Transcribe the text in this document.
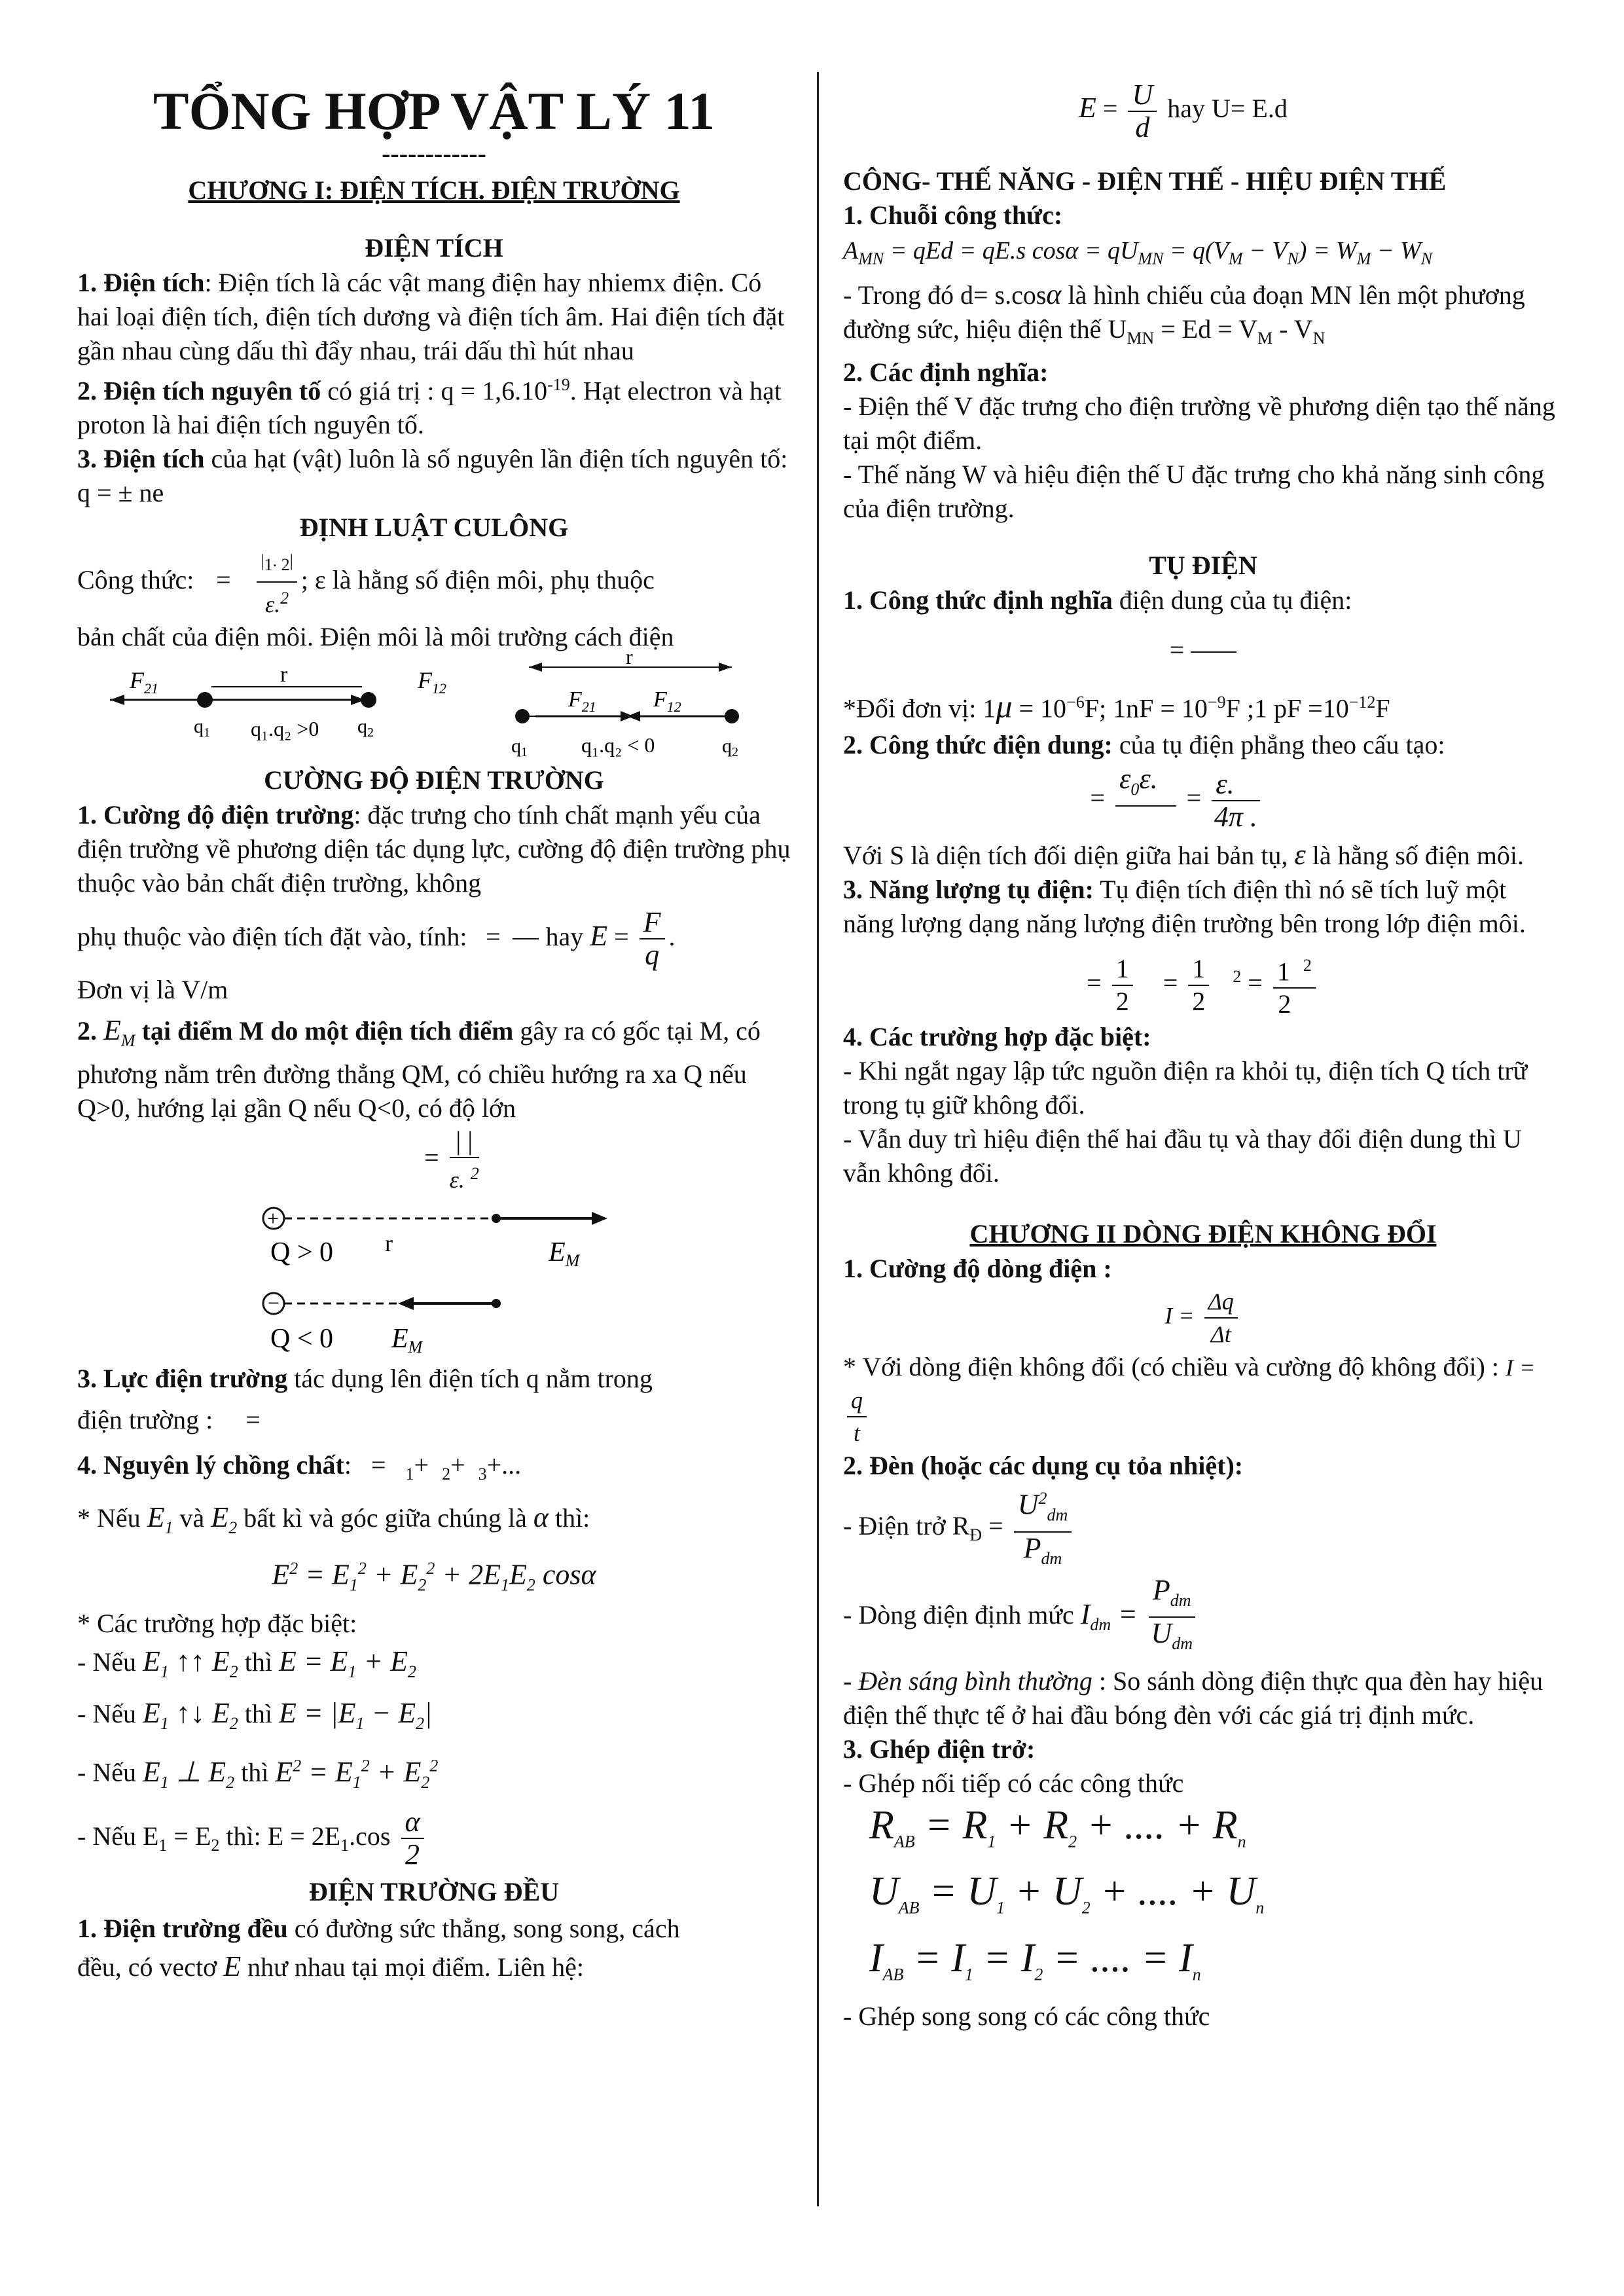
TỔNG HỢP VẬT LÝ 11

------------

CHƯƠNG I: ĐIỆN TÍCH. ĐIỆN TRƯỜNG

ĐIỆN TÍCH

1. Điện tích: Điện tích là các vật mang điện hay nhiemx điện. Có hai loại điện tích, điện tích dương và điện tích âm. Hai điện tích đặt gần nhau cùng dấu thì đẩy nhau, trái dấu thì hút nhau

2. Điện tích nguyên tố có giá trị : $q = 1,6.10^{-19}$. Hạt electron và hạt proton là hai điện tích nguyên tố.

3. Điện tích của hạt (vật) luôn là số nguyên lần điện tích nguyên tố: q = ± ne

ĐỊNH LUẬT CULÔNG

Công thức: = $\frac{|_1. _2|}{\varepsilon.^2}$ ; ε là hằng số điện môi, phụ thuộc

bản chất của điện môi. Điện môi là môi trường cách điện

$F_{21}$
r	$F_{12}$
$q_1$	$q_2$
q₁.q₂ >0
r
$F_{21}$	$F_{12}$
$q_1$	$q_2$
q₁.q₂ < 0

CƯỜNG ĐỘ ĐIỆN TRƯỜNG

1. Cường độ điện trường: đặc trưng cho tính chất mạnh yếu của điện trường về phương diện tác dụng lực, cường độ điện trường phụ thuộc vào bản chất điện trường, không

phụ thuộc vào điện tích đặt vào, tính: = hay $E = \frac{F}{q}$ .

Đơn vị là V/m

2. $E_M$ tại điểm M do một điện tích điểm gây ra có gốc tại M, có phương nằm trên đường thẳng QM, có chiều hướng ra xa Q nếu Q>0, hướng lại gần Q nếu Q<0, có độ lớn

= $\frac{| |}{\varepsilon. ^2}$

+
Q > 0 r	EM
−
Q < 0 EM

3. Lực điện trường tác dụng lên điện tích q nằm trong

điện trường :     =

4. Nguyên lý chồng chất:   =   $_1$+  $_2$+  $_3$+...

* Nếu $E_1$ và $E_2$ bất kì và góc giữa chúng là α thì:

$E^2 = E_1^2 + E_2^2 + 2E_1E_2$ cosα

* Các trường hợp đặc biệt:

- Nếu $E_1$ ↑↑ $E_2$ thì $E = E_1 + E_2$

- Nếu $E_1$ ↑↓ $E_2$ thì $E = |E_1 - E_2|$

- Nếu $E_1$ ⊥ $E_2$ thì $E^2 = E_1^2 + E_2^2$

- Nếu $E_1 = E_2$ thì: $E = 2E_1.\cos \frac{\alpha}{2}$

ĐIỆN TRƯỜNG ĐỀU

1. Điện trường đều có đường sức thẳng, song song, cách

đều, có vectơ E như nhau tại mọi điểm. Liên hệ:

$E = \frac{U}{d}$ hay U= E.d

CÔNG- THẾ NĂNG - ĐIỆN THẾ - HIỆU ĐIỆN THẾ

1. Chuỗi công thức:

$A_{MN}$ = qEd = qE.s $\cos\alpha = qU_{MN} = q(V_M - V_N) = W_M - W_N$

- Trong đó d= s.cosα là hình chiếu của đoạn MN lên một phương đường sức, hiệu điện thế $U_{MN} = Ed = V_M - V_N$

2. Các định nghĩa:

- Điện thế V đặc trưng cho điện trường về phương diện tạo thế năng tại một điểm.

- Thế năng W và hiệu điện thế U đặc trưng cho khả năng sinh công của điện trường.

TỤ ĐIỆN

1. Công thức định nghĩa điện dung của tụ điện:

=

*Đổi đơn vị: $1\mu = 10^{-6}F$; $1nF = 10^{-9}F$ ;1 pF $=10^{-12}F$

2. Công thức điện dung: của tụ điện phẳng theo cấu tạo:

=
$\varepsilon_0\varepsilon$.

= $\frac{\varepsilon.}{4\pi .}$

Với S là diện tích đối diện giữa hai bản tụ, ε là hằng số điện môi.

3. Năng lượng tụ điện: Tụ điện tích điện thì nó sẽ tích luỹ một năng lượng dạng năng lượng điện trường bên trong lớp điện môi.

= $\frac{1}{2} = \frac{1}{2} ^2 = \frac{1 ^2}{2}$

4. Các trường hợp đặc biệt:

- Khi ngắt ngay lập tức nguồn điện ra khỏi tụ, điện tích Q tích trữ trong tụ giữ không đổi.

- Vẫn duy trì hiệu điện thế hai đầu tụ và thay đổi điện dung thì U vẫn không đổi.

CHƯƠNG II DÒNG ĐIỆN KHÔNG ĐỔI

1. Cường độ dòng điện :

$I = \frac{\Delta q}{\Delta t}$

* Với dòng điện không đổi (có chiều và cường độ không đổi) : I =
$\frac{q}{t}$

2. Đèn (hoặc các dụng cụ tỏa nhiệt):

- Điện trở $R_Đ = \frac{U^2_{dm}}{P_{dm}}$

- Dòng điện định mức $I_{dm} = \frac{P_{dm}}{U_{dm}}$

- Đèn sáng bình thường : So sánh dòng điện thực qua đèn hay hiệu điện thế thực tế ở hai đầu bóng đèn với các giá trị định mức.

3. Ghép điện trở:

- Ghép nối tiếp có các công thức

$R_{AB} = R_1 + R_2$ + .... + $R_n$

$U_{AB} = U_1 + U_2$ + .... + $U_n$

$I_{AB} = I_1 = I_2$ = .... = $I_n$

- Ghép song song có các công thức
